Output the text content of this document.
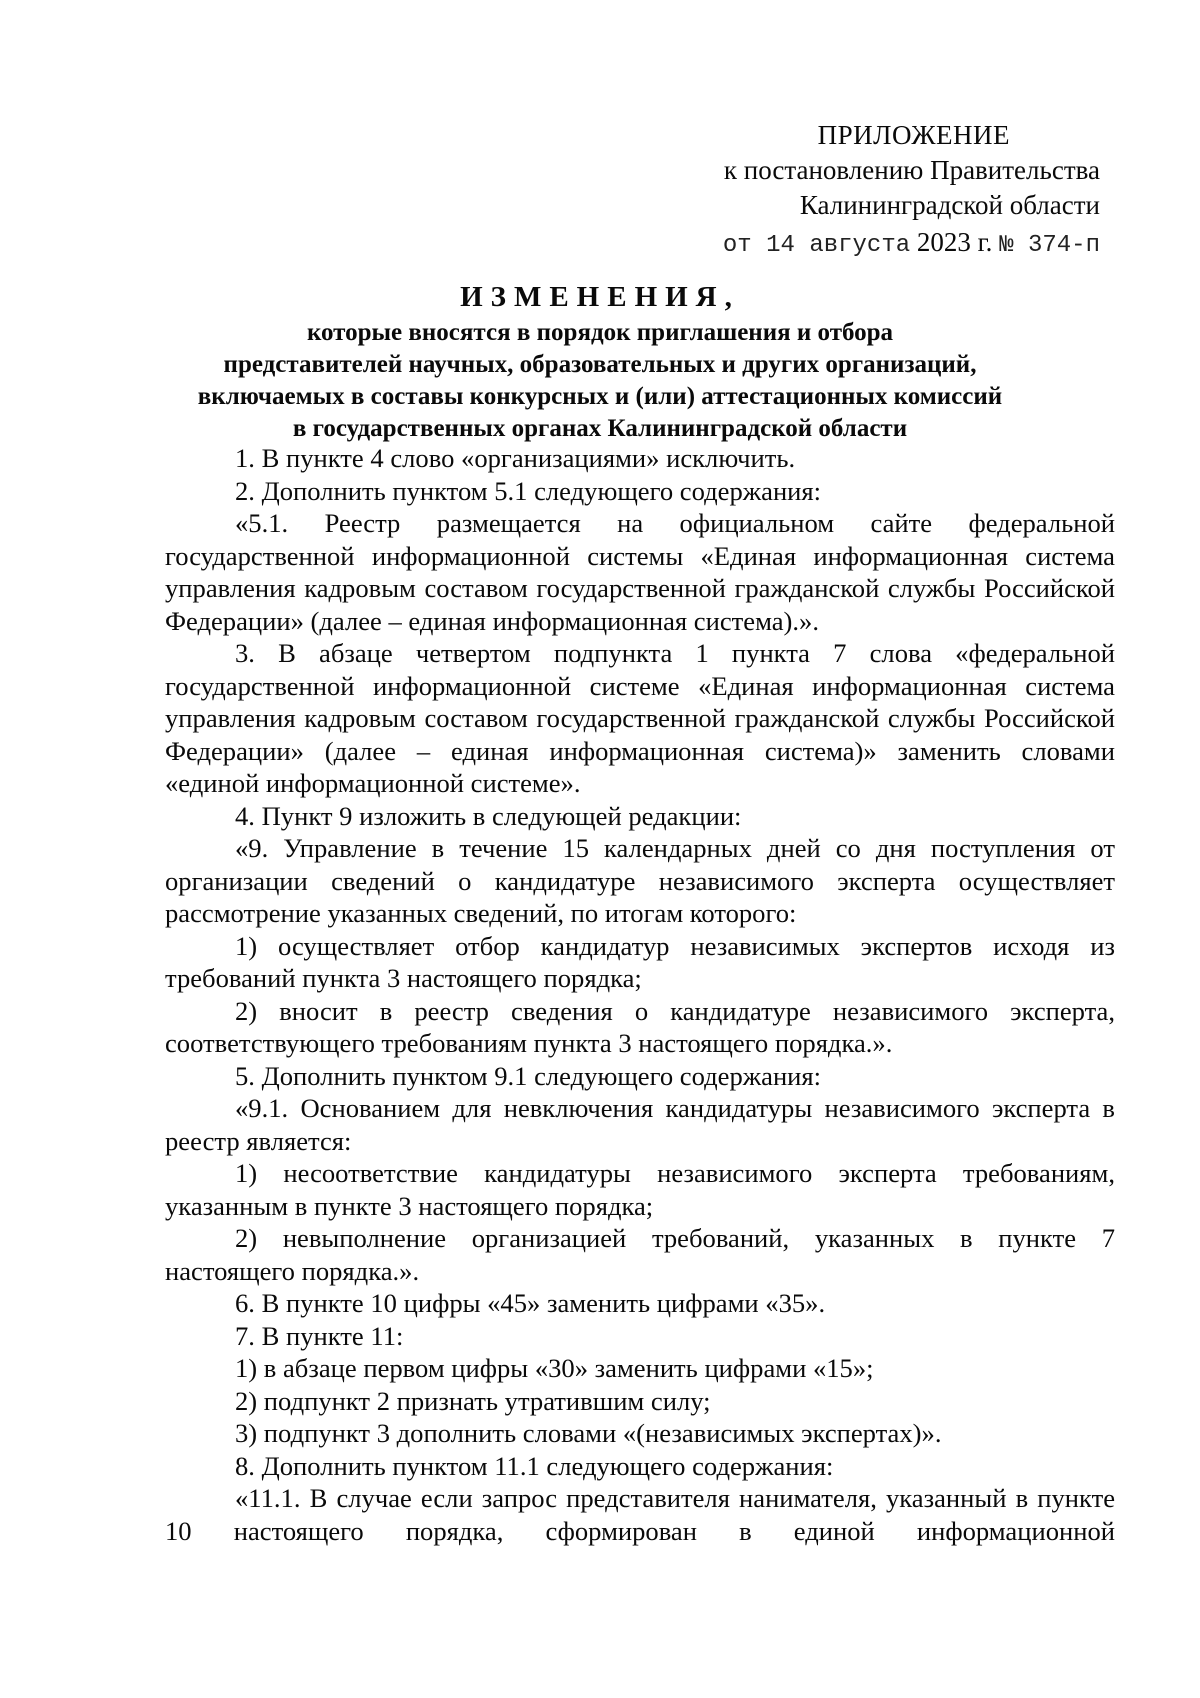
ПРИЛОЖЕНИЕ
к постановлению Правительства
Калининградской области
от 14 августа 2023 г. № 374-п
ИЗМЕНЕНИЯ,
которые вносятся в порядок приглашения и отбора
представителей научных, образовательных и других организаций,
включаемых в составы конкурсных и (или) аттестационных комиссий
в государственных органах Калининградской области

1. В пункте 4 слово «организациями» исключить.

2. Дополнить пунктом 5.1 следующего содержания:

«5.1. Реестр размещается на официальном сайте федеральной государственной информационной системы «Единая информационная система управления кадровым составом государственной гражданской службы Российской Федерации» (далее – единая информационная система).».

3. В абзаце четвертом подпункта 1 пункта 7 слова «федеральной государственной информационной системе «Единая информационная система управления кадровым составом государственной гражданской службы Российской Федерации» (далее – единая информационная система)» заменить словами «единой информационной системе».

4. Пункт 9 изложить в следующей редакции:

«9. Управление в течение 15 календарных дней со дня поступления от организации сведений о кандидатуре независимого эксперта осуществляет рассмотрение указанных сведений, по итогам которого:

1) осуществляет отбор кандидатур независимых экспертов исходя из требований пункта 3 настоящего порядка;

2) вносит в реестр сведения о кандидатуре независимого эксперта, соответствующего требованиям пункта 3 настоящего порядка.».

5. Дополнить пунктом 9.1 следующего содержания:

«9.1. Основанием для невключения кандидатуры независимого эксперта в реестр является:

1) несоответствие кандидатуры независимого эксперта требованиям, указанным в пункте 3 настоящего порядка;

2) невыполнение организацией требований, указанных в пункте 7 настоящего порядка.».

6. В пункте 10 цифры «45» заменить цифрами «35».

7. В пункте 11:

1) в абзаце первом цифры «30» заменить цифрами «15»;

2) подпункт 2 признать утратившим силу;

3) подпункт 3 дополнить словами «(независимых экспертах)».

8. Дополнить пунктом 11.1 следующего содержания:

«11.1. В случае если запрос представителя нанимателя, указанный в пункте 10 настоящего порядка, сформирован в единой информационной
